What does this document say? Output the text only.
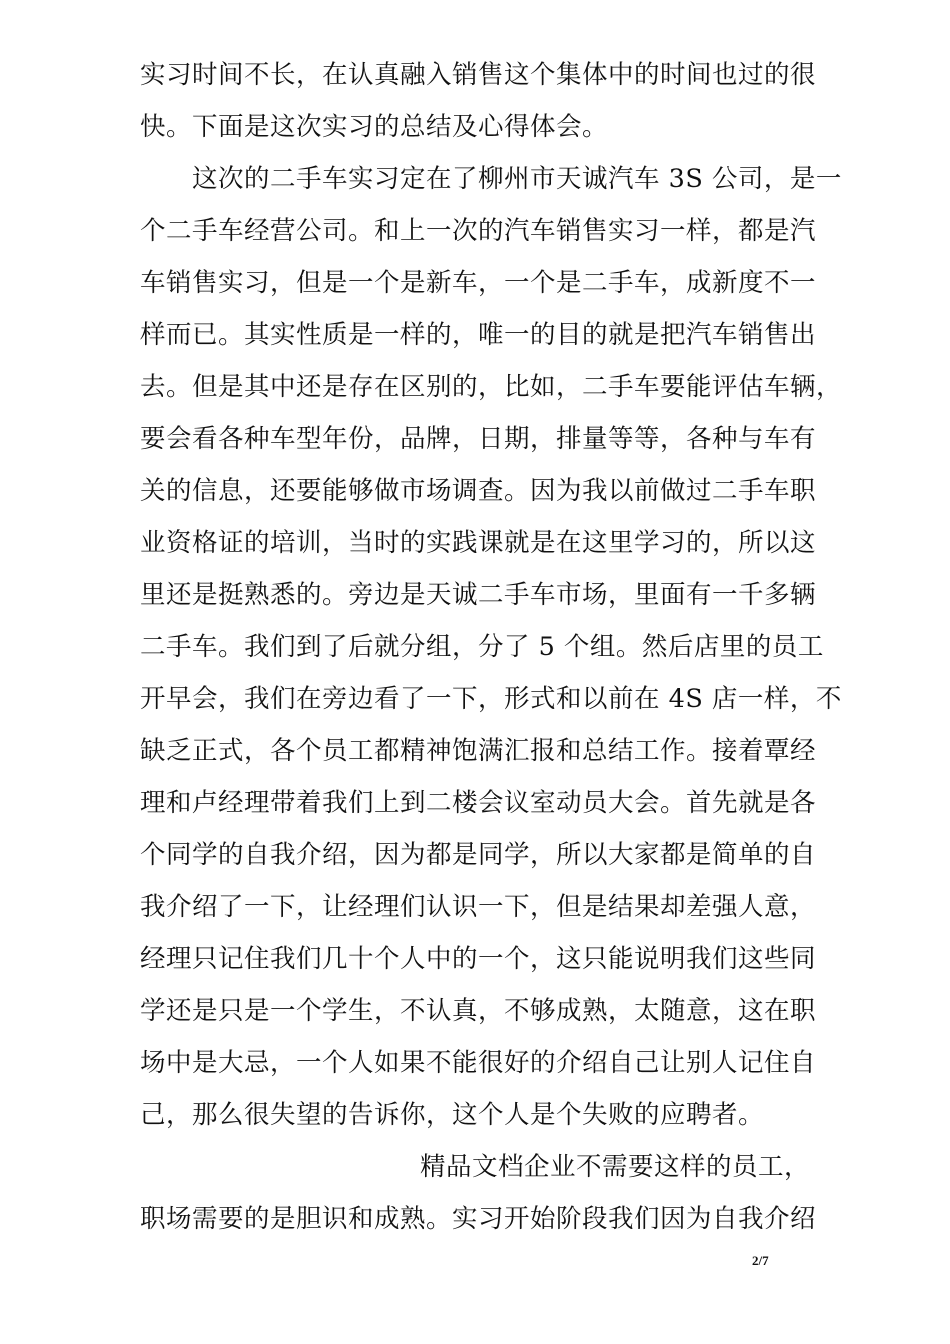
实习时间不长，在认真融入销售这个集体中的时间也过的很
快。下面是这次实习的总结及心得体会。
这次的二手车实习定在了柳州市天诚汽车 3S 公司，是一
个二手车经营公司。和上一次的汽车销售实习一样，都是汽
车销售实习，但是一个是新车，一个是二手车，成新度不一
样而已。其实性质是一样的，唯一的目的就是把汽车销售出
去。但是其中还是存在区别的，比如，二手车要能评估车辆，
要会看各种车型年份，品牌，日期，排量等等，各种与车有
关的信息，还要能够做市场调查。因为我以前做过二手车职
业资格证的培训，当时的实践课就是在这里学习的，所以这
里还是挺熟悉的。旁边是天诚二手车市场，里面有一千多辆
二手车。我们到了后就分组，分了 5 个组。然后店里的员工
开早会，我们在旁边看了一下，形式和以前在 4S 店一样，不
缺乏正式，各个员工都精神饱满汇报和总结工作。接着覃经
理和卢经理带着我们上到二楼会议室动员大会。首先就是各
个同学的自我介绍，因为都是同学，所以大家都是简单的自
我介绍了一下，让经理们认识一下，但是结果却差强人意，
经理只记住我们几十个人中的一个，这只能说明我们这些同
学还是只是一个学生，不认真，不够成熟，太随意，这在职
场中是大忌，一个人如果不能很好的介绍自己让别人记住自
己，那么很失望的告诉你，这个人是个失败的应聘者。
精品文档企业不需要这样的员工，
职场需要的是胆识和成熟。实习开始阶段我们因为自我介绍
2/7
